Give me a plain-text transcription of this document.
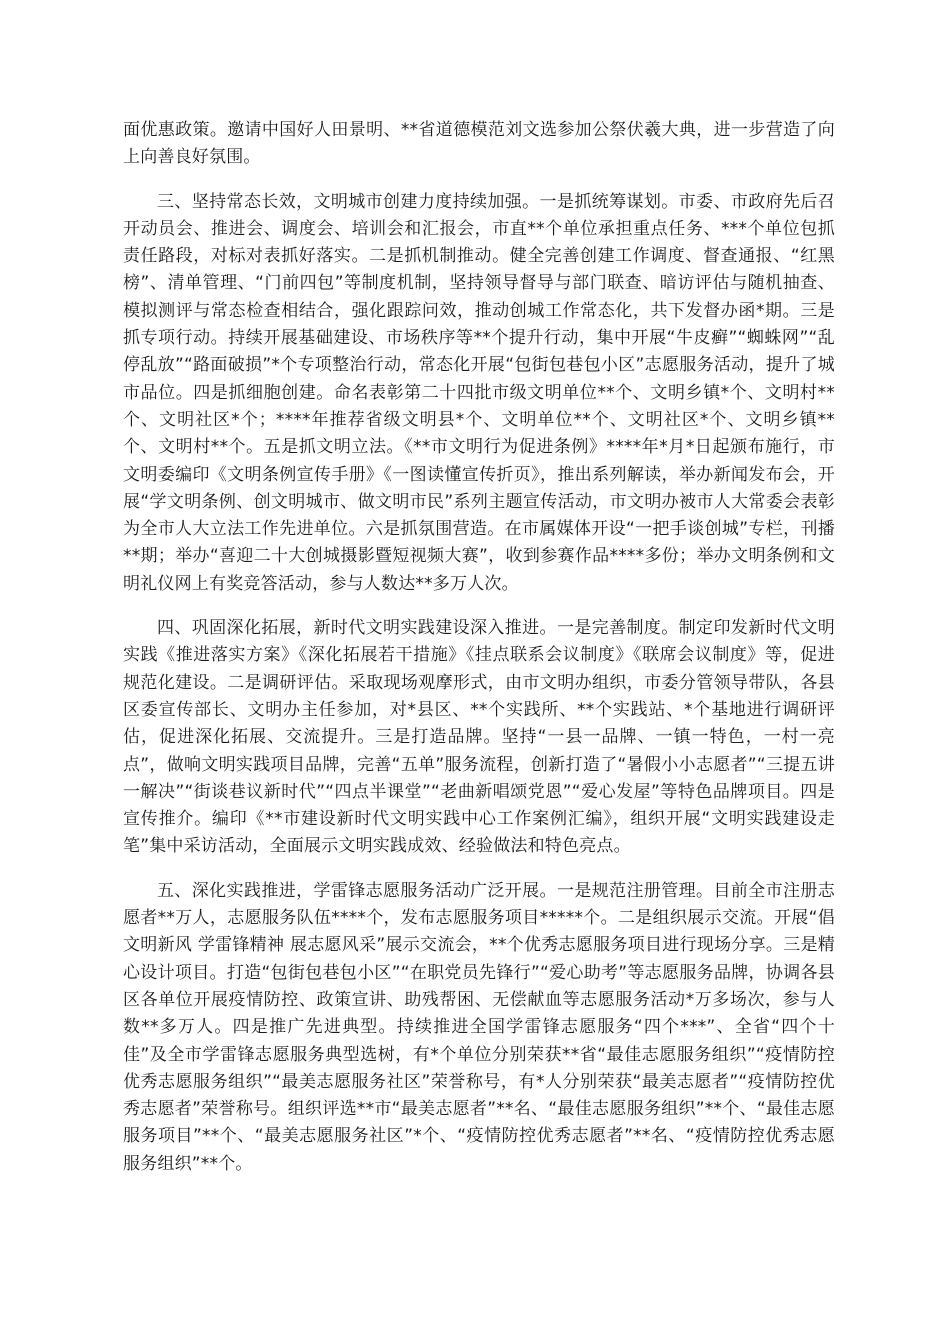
面优惠政策。邀请中国好人田景明、**省道德模范刘文选参加公祭伏羲大典，进一步营造了向上向善良好氛围。

三、坚持常态长效，文明城市创建力度持续加强。一是抓统筹谋划。市委、市政府先后召开动员会、推进会、调度会、培训会和汇报会，市直**个单位承担重点任务、***个单位包抓责任路段，对标对表抓好落实。二是抓机制推动。健全完善创建工作调度、督查通报、“红黑榜”、清单管理、“门前四包”等制度机制，坚持领导督导与部门联查、暗访评估与随机抽查、模拟测评与常态检查相结合，强化跟踪问效，推动创城工作常态化，共下发督办函*期。三是抓专项行动。持续开展基础建设、市场秩序等**个提升行动，集中开展“牛皮癣”“蜘蛛网”“乱停乱放”“路面破损”*个专项整治行动，常态化开展“包街包巷包小区”志愿服务活动，提升了城市品位。四是抓细胞创建。命名表彰第二十四批市级文明单位**个、文明乡镇*个、文明村**个、文明社区*个；****年推荐省级文明县*个、文明单位**个、文明社区*个、文明乡镇**个、文明村**个。五是抓文明立法。《**市文明行为促进条例》****年*月*日起颁布施行，市文明委编印《文明条例宣传手册》《一图读懂宣传折页》，推出系列解读，举办新闻发布会，开展“学文明条例、创文明城市、做文明市民”系列主题宣传活动，市文明办被市人大常委会表彰为全市人大立法工作先进单位。六是抓氛围营造。在市属媒体开设“一把手谈创城”专栏，刊播**期；举办“喜迎二十大创城摄影暨短视频大赛”，收到参赛作品****多份；举办文明条例和文明礼仪网上有奖竞答活动，参与人数达**多万人次。

四、巩固深化拓展，新时代文明实践建设深入推进。一是完善制度。制定印发新时代文明实践《推进落实方案》《深化拓展若干措施》《挂点联系会议制度》《联席会议制度》等，促进规范化建设。二是调研评估。采取现场观摩形式，由市文明办组织，市委分管领导带队，各县区委宣传部长、文明办主任参加，对*县区、**个实践所、**个实践站、*个基地进行调研评估，促进深化拓展、交流提升。三是打造品牌。坚持“一县一品牌、一镇一特色，一村一亮点”，做响文明实践项目品牌，完善“五单”服务流程，创新打造了“暑假小小志愿者”“三提五讲一解决”“街谈巷议新时代”“四点半课堂”“老曲新唱颂党恩”“爱心发屋”等特色品牌项目。四是宣传推介。编印《**市建设新时代文明实践中心工作案例汇编》，组织开展“文明实践建设走笔”集中采访活动，全面展示文明实践成效、经验做法和特色亮点。

五、深化实践推进，学雷锋志愿服务活动广泛开展。一是规范注册管理。目前全市注册志愿者**万人，志愿服务队伍****个，发布志愿服务项目*****个。二是组织展示交流。开展“倡文明新风 学雷锋精神 展志愿风采”展示交流会，**个优秀志愿服务项目进行现场分享。三是精心设计项目。打造“包街包巷包小区”“在职党员先锋行”“爱心助考”等志愿服务品牌，协调各县区各单位开展疫情防控、政策宣讲、助残帮困、无偿献血等志愿服务活动*万多场次，参与人数**多万人。四是推广先进典型。持续推进全国学雷锋志愿服务“四个***”、全省“四个十佳”及全市学雷锋志愿服务典型选树，有*个单位分别荣获**省“最佳志愿服务组织”“疫情防控优秀志愿服务组织”“最美志愿服务社区”荣誉称号，有*人分别荣获“最美志愿者”“疫情防控优秀志愿者”荣誉称号。组织评选**市“最美志愿者”**名、“最佳志愿服务组织”**个、“最佳志愿服务项目”**个、“最美志愿服务社区”*个、“疫情防控优秀志愿者”**名、“疫情防控优秀志愿服务组织”**个。
